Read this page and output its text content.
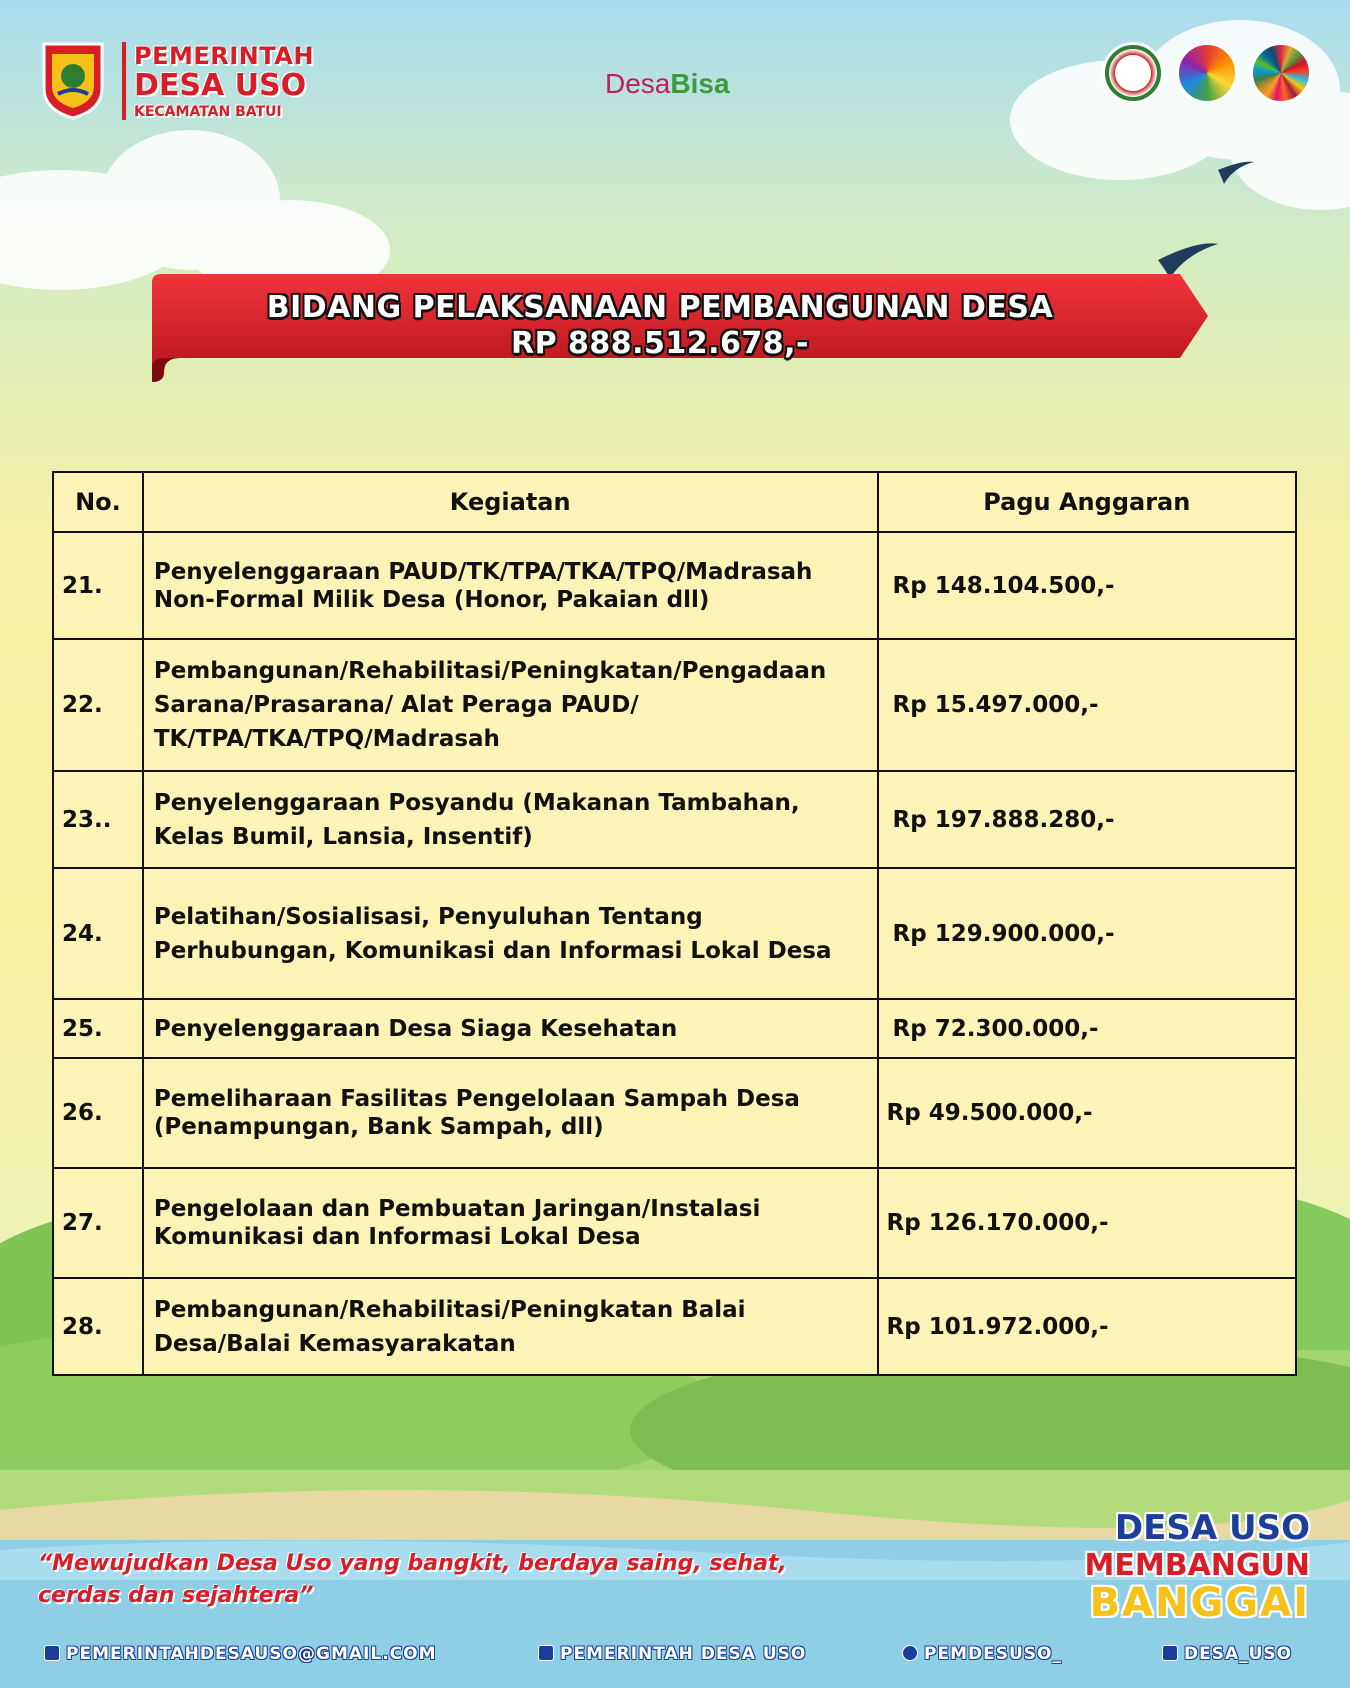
PEMERINTAH
DESA USO
KECAMATAN BATUI
DesaBisa
BIDANG PELAKSANAAN PEMBANGUNAN DESA
RP 888.512.678,-
No.	Kegiatan	Pagu Anggaran
21.	Penyelenggaraan PAUD/TK/TPA/TKA/TPQ/Madrasah Non-Formal Milik Desa (Honor, Pakaian dll)	Rp 148.104.500,-
22.	Pembangunan/Rehabilitasi/Peningkatan/Pengadaan Sarana/Prasarana/ Alat Peraga PAUD/ TK/TPA/TKA/TPQ/Madrasah	Rp 15.497.000,-
23..	Penyelenggaraan Posyandu (Makanan Tambahan, Kelas Bumil, Lansia, Insentif)	Rp 197.888.280,-
24.	Pelatihan/Sosialisasi, Penyuluhan Tentang Perhubungan, Komunikasi dan Informasi Lokal Desa	Rp 129.900.000,-
25.	Penyelenggaraan Desa Siaga Kesehatan	Rp 72.300.000,-
26.	Pemeliharaan Fasilitas Pengelolaan Sampah Desa (Penampungan, Bank Sampah, dll)	Rp 49.500.000,-
27.	Pengelolaan dan Pembuatan Jaringan/Instalasi Komunikasi dan Informasi Lokal Desa	Rp 126.170.000,-
28.	Pembangunan/Rehabilitasi/Peningkatan Balai Desa/Balai Kemasyarakatan	Rp 101.972.000,-
“Mewujudkan Desa Uso yang bangkit, berdaya saing, sehat, cerdas dan sejahtera”
DESA USO
MEMBANGUN
BANGGAI
PEMERINTAHDESAUSO@GMAIL.COM	PEMERINTAH DESA USO	PEMDESUSO_	DESA_USO
